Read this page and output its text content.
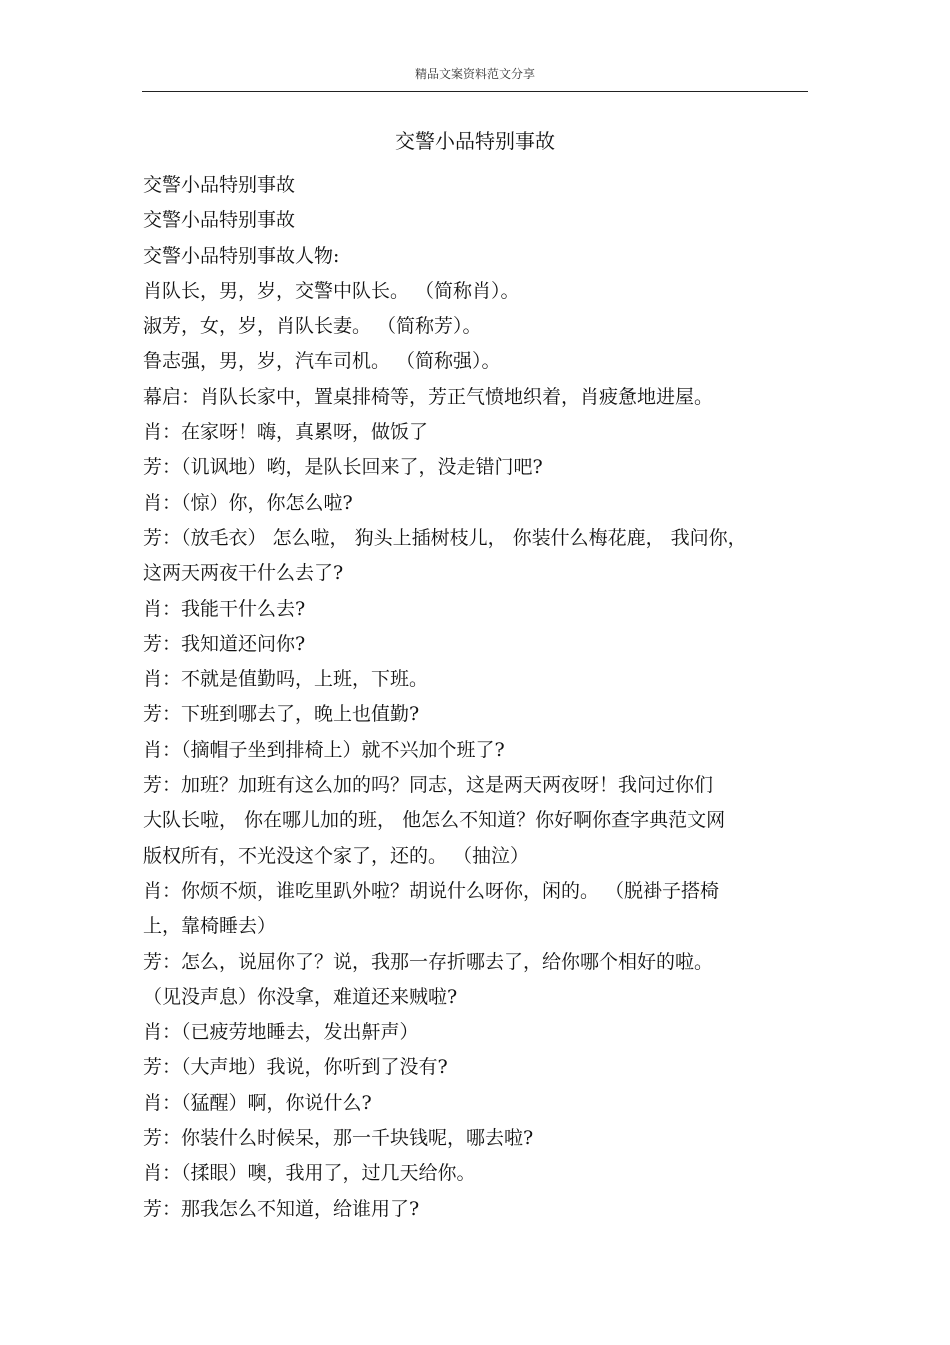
精品文案资料范文分享
交警小品特别事故
交警小品特别事故
交警小品特别事故
交警小品特别事故人物:
肖队长，男，岁，交警中队长。 （简称肖）。
淑芳，女，岁，肖队长妻。 （简称芳）。
鲁志强，男，岁，汽车司机。 （简称强）。
幕启：肖队长家中，置桌排椅等，芳正气愤地织着，肖疲惫地进屋。
肖：在家呀！嗨，真累呀，做饭了
芳：（讥讽地）哟，是队长回来了，没走错门吧?
肖：（惊）你，你怎么啦?
芳：（放毛衣） 怎么啦， 狗头上插树枝儿， 你装什么梅花鹿， 我问你，
这两天两夜干什么去了?
肖：我能干什么去?
芳：我知道还问你?
肖：不就是值勤吗，上班，下班。
芳：下班到哪去了，晚上也值勤?
肖：（摘帽子坐到排椅上）就不兴加个班了?
芳：加班？加班有这么加的吗？同志，这是两天两夜呀！我问过你们
大队长啦， 你在哪儿加的班， 他怎么不知道？你好啊你查字典范文网
版权所有，不光没这个家了，还的。 （抽泣）
肖：你烦不烦，谁吃里趴外啦？胡说什么呀你，闲的。 （脱褂子搭椅
上，靠椅睡去）
芳：怎么，说屈你了？说，我那一存折哪去了，给你哪个相好的啦。
（见没声息）你没拿，难道还来贼啦?
肖：（已疲劳地睡去，发出鼾声）
芳：（大声地）我说，你听到了没有?
肖：（猛醒）啊，你说什么?
芳：你装什么时候呆，那一千块钱呢，哪去啦?
肖：（揉眼）噢，我用了，过几天给你。
芳：那我怎么不知道，给谁用了?
